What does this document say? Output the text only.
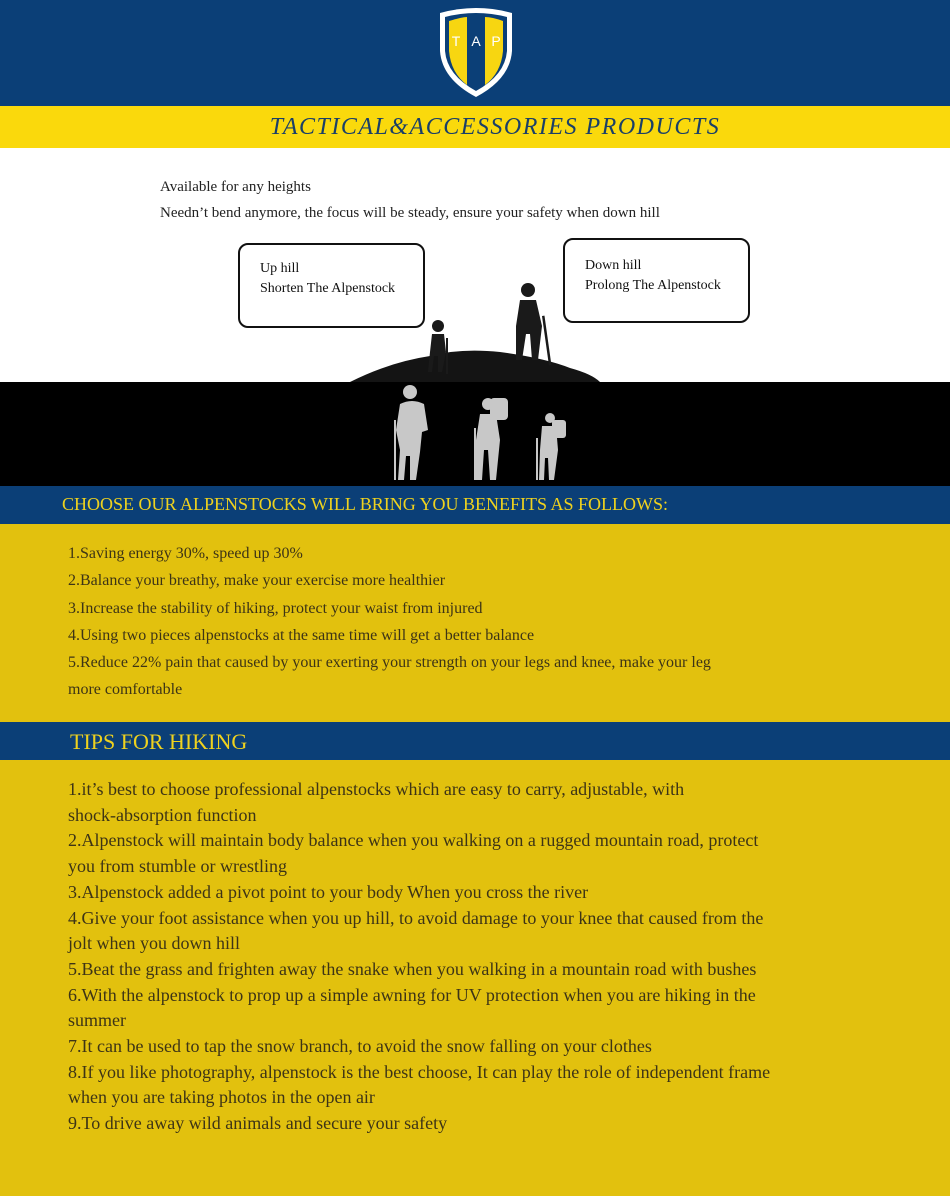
T A P
TACTICAL&ACCESSORIES PRODUCTS
Available for any heights
Needn’t bend anymore, the focus will be steady, ensure your safety when down hill
Up hill
Shorten The Alpenstock
Down hill
Prolong The Alpenstock
CHOOSE OUR ALPENSTOCKS WILL BRING YOU BENEFITS AS FOLLOWS:
1.Saving energy 30%, speed up 30%
2.Balance your breathy, make your exercise more healthier
3.Increase the stability of hiking, protect your waist from injured
4.Using two pieces alpenstocks at the same time will get a better balance
5.Reduce 22% pain that caused by your exerting your strength on your legs and knee, make your leg
more comfortable
TIPS FOR HIKING
1.it’s best to choose professional alpenstocks which are easy to carry, adjustable, with
shock-absorption function
2.Alpenstock will maintain body balance when you walking on a rugged mountain road, protect
you from stumble or wrestling
3.Alpenstock added a pivot point to your body When you cross the river
4.Give your foot assistance when you up hill, to avoid damage to your knee that caused from the
jolt when you down hill
5.Beat the grass and frighten away the snake when you walking in a mountain road with bushes
6.With the alpenstock to prop up a simple awning for UV protection when you are hiking in the
summer
7.It can be used to tap the snow branch, to avoid the snow falling on your clothes
8.If you like photography, alpenstock is the best choose, It can play the role of independent frame
when you are taking photos in the open air
9.To drive away wild animals and secure your safety
